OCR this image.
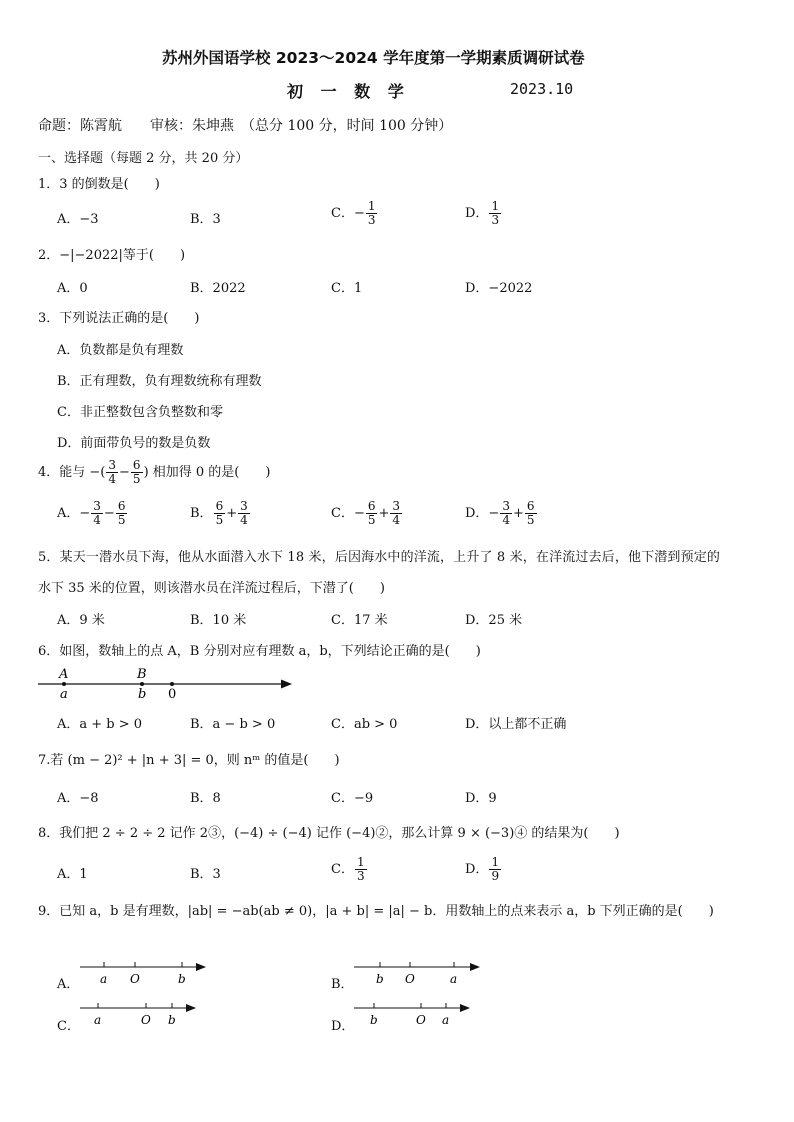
苏州外国语学校 2023～2024 学年度第一学期素质调研试卷
初 一 数 学	2023.10
命题：陈霄航　　审核：朱坤燕　（总分 100 分，时间 100 分钟）
一、选择题（每题 2 分，共 20 分）
1．3 的倒数是(　　)
A．−3	B．3	C．− $\frac{1}{3}$	D． $\frac{1}{3}$
2．−|−2022|等于(　　)
A．0	B．2022	C．1	D．−2022
3．下列说法正确的是(　　)
A．负数都是负有理数
B．正有理数，负有理数统称有理数
C．非正整数包含负整数和零
D．前面带负号的数是负数
4．能与 −( $\frac{3}{4} - \frac{6}{5}$ ) 相加得 0 的是(　　)
A．− $\frac{3}{4} - \frac{6}{5}$	B． $\frac{6}{5} + \frac{3}{4}$	C．− $\frac{6}{5} + \frac{3}{4}$	D．− $\frac{3}{4} + \frac{6}{5}$
5．某天一潜水员下海，他从水面潜入水下 18 米，后因海水中的洋流，上升了 8 米，在洋流过去后，他下潜到预定的
水下 35 米的位置，则该潜水员在洋流过程后，下潜了(　　)
A．9 米	B．10 米	C．17 米	D．25 米
6．如图，数轴上的点 A，B 分别对应有理数 a，b，下列结论正确的是(　　)
A	B
a	b 0
A．a + b > 0	B．a − b > 0	C．ab > 0	D．以上都不正确
7.若 (m − 2)² + |n + 3| = 0，则 nᵐ 的值是(　　)
A．−8	B．8	C．−9	D．9
8．我们把 2 ÷ 2 ÷ 2 记作 2③，(−4) ÷ (−4) 记作 (−4)②，那么计算 9 × (−3)④ 的结果为(　　)
A．1	B．3	C． $\frac{1}{3}$	D． $\frac{1}{9}$
9．已知 a，b 是有理数，|ab| = −ab(ab ≠ 0)，|a + b| = |a| − b．用数轴上的点来表示 a，b 下列正确的是(　　)
A． a O	b	B． b O	a
C． a	O b	D． b	O a
